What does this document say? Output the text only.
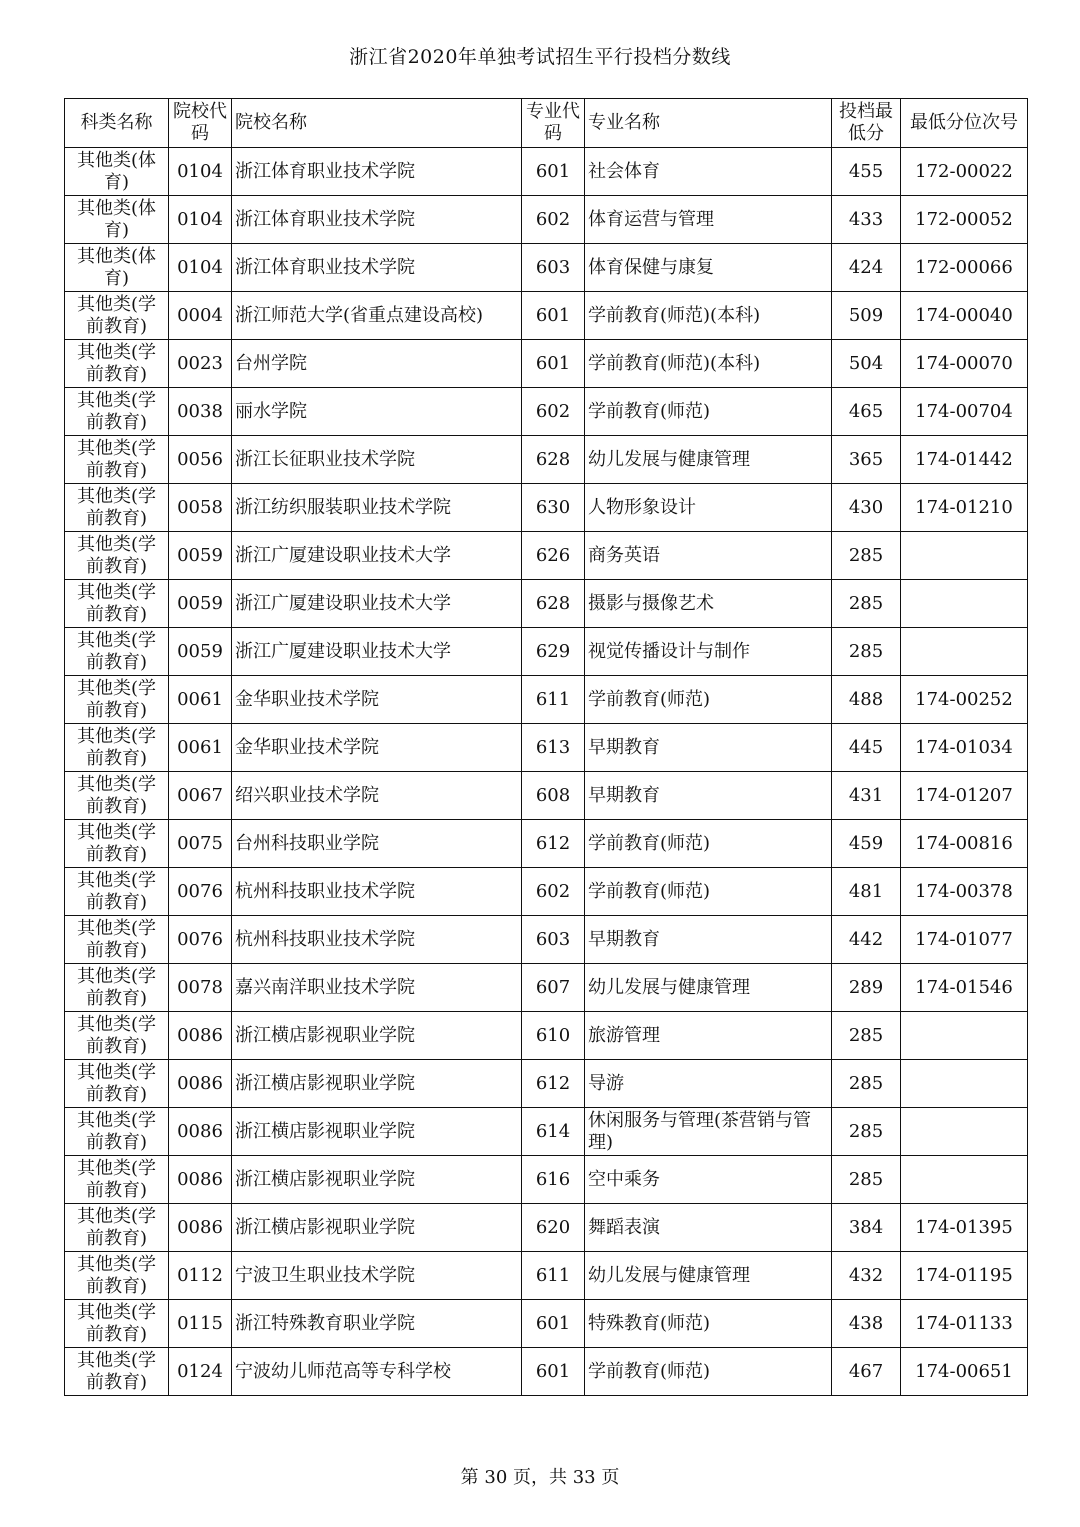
浙江省2020年单独考试招生平行投档分数线
科类名称	院校代码	院校名称	专业代码	专业名称	投档最低分	最低分位次号
其他类(体育)	0104	浙江体育职业技术学院	601	社会体育	455	172-00022
其他类(体育)	0104	浙江体育职业技术学院	602	体育运营与管理	433	172-00052
其他类(体育)	0104	浙江体育职业技术学院	603	体育保健与康复	424	172-00066
其他类(学前教育)	0004	浙江师范大学(省重点建设高校)	601	学前教育(师范)(本科)	509	174-00040
其他类(学前教育)	0023	台州学院	601	学前教育(师范)(本科)	504	174-00070
其他类(学前教育)	0038	丽水学院	602	学前教育(师范)	465	174-00704
其他类(学前教育)	0056	浙江长征职业技术学院	628	幼儿发展与健康管理	365	174-01442
其他类(学前教育)	0058	浙江纺织服装职业技术学院	630	人物形象设计	430	174-01210
其他类(学前教育)	0059	浙江广厦建设职业技术大学	626	商务英语	285	
其他类(学前教育)	0059	浙江广厦建设职业技术大学	628	摄影与摄像艺术	285	
其他类(学前教育)	0059	浙江广厦建设职业技术大学	629	视觉传播设计与制作	285	
其他类(学前教育)	0061	金华职业技术学院	611	学前教育(师范)	488	174-00252
其他类(学前教育)	0061	金华职业技术学院	613	早期教育	445	174-01034
其他类(学前教育)	0067	绍兴职业技术学院	608	早期教育	431	174-01207
其他类(学前教育)	0075	台州科技职业学院	612	学前教育(师范)	459	174-00816
其他类(学前教育)	0076	杭州科技职业技术学院	602	学前教育(师范)	481	174-00378
其他类(学前教育)	0076	杭州科技职业技术学院	603	早期教育	442	174-01077
其他类(学前教育)	0078	嘉兴南洋职业技术学院	607	幼儿发展与健康管理	289	174-01546
其他类(学前教育)	0086	浙江横店影视职业学院	610	旅游管理	285	
其他类(学前教育)	0086	浙江横店影视职业学院	612	导游	285	
其他类(学前教育)	0086	浙江横店影视职业学院	614	休闲服务与管理(茶营销与管理)	285	
其他类(学前教育)	0086	浙江横店影视职业学院	616	空中乘务	285	
其他类(学前教育)	0086	浙江横店影视职业学院	620	舞蹈表演	384	174-01395
其他类(学前教育)	0112	宁波卫生职业技术学院	611	幼儿发展与健康管理	432	174-01195
其他类(学前教育)	0115	浙江特殊教育职业学院	601	特殊教育(师范)	438	174-01133
其他类(学前教育)	0124	宁波幼儿师范高等专科学校	601	学前教育(师范)	467	174-00651
第 30 页，共 33 页
